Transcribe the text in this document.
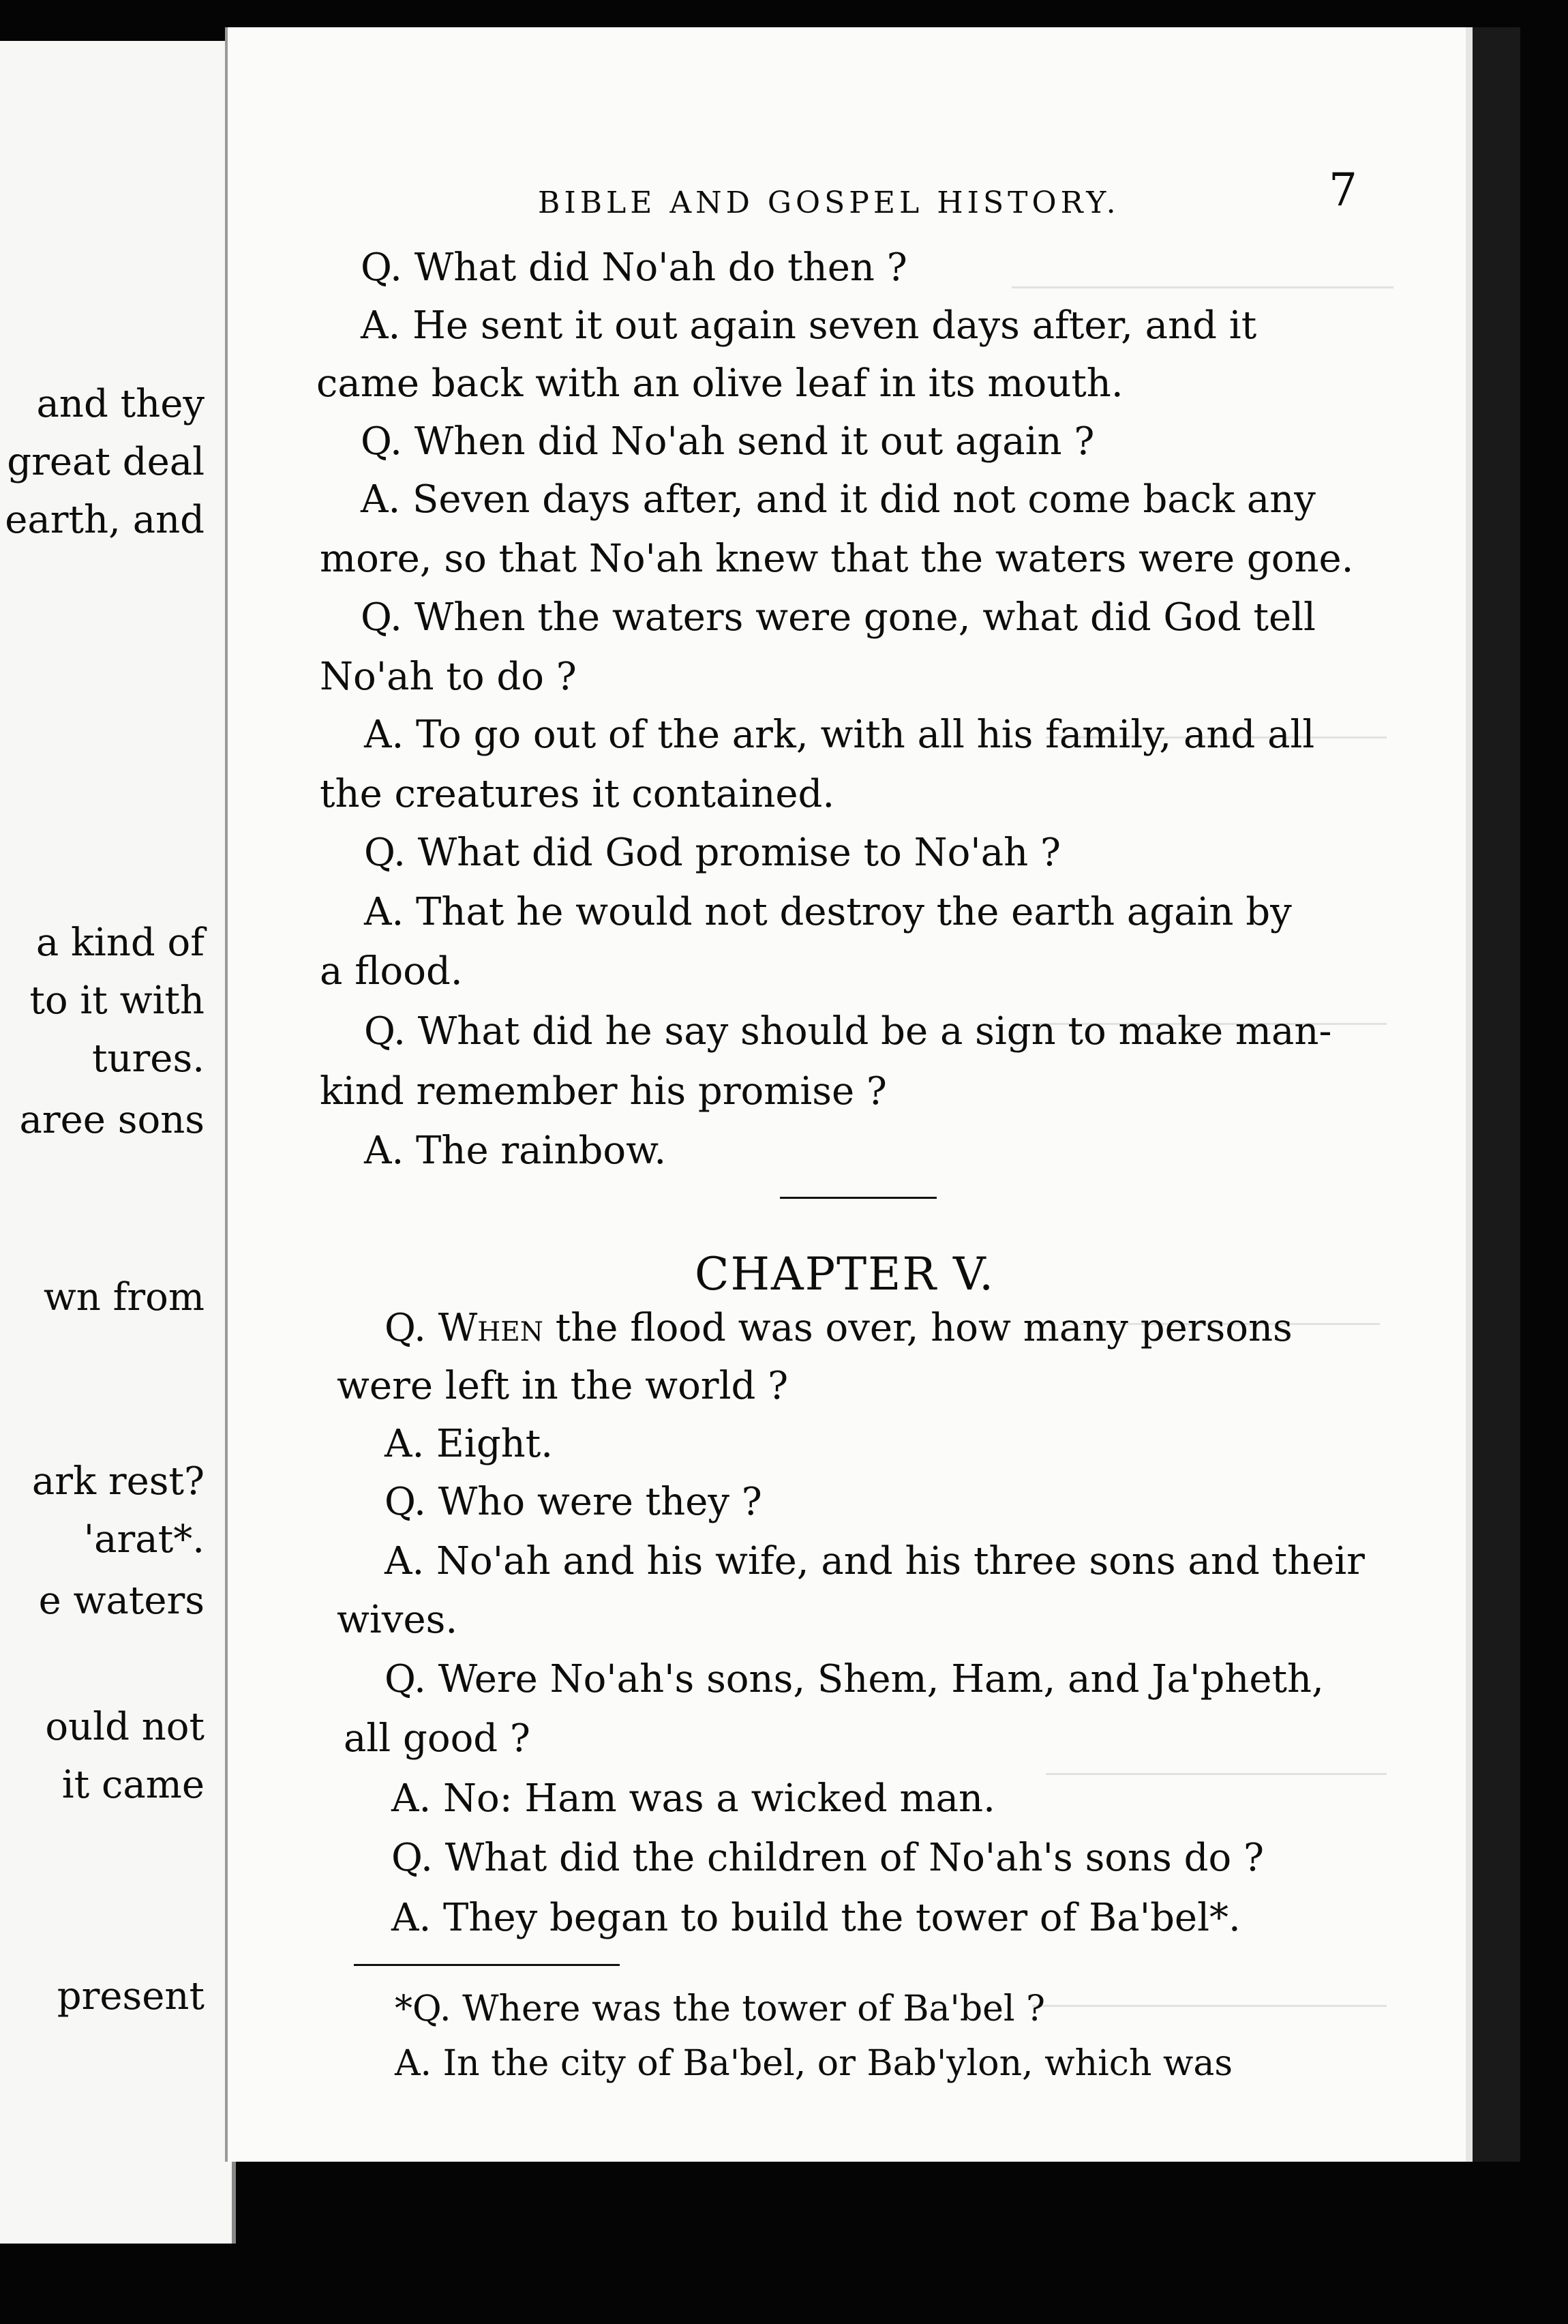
and they
great deal
earth, and
a kind of
to it with
tures.
aree sons
wn from
ark rest?
'arat*.
e waters
ould not
it came
present
BIBLE AND GOSPEL HISTORY.	7
Q. What did No'ah do then ?
A. He sent it out again seven days after, and it
came back with an olive leaf in its mouth.
Q. When did No'ah send it out again ?
A. Seven days after, and it did not come back any
more, so that No'ah knew that the waters were gone.
Q. When the waters were gone, what did God tell
No'ah to do ?
A. To go out of the ark, with all his family, and all
the creatures it contained.
Q. What did God promise to No'ah ?
A. That he would not destroy the earth again by
a flood.
Q. What did he say should be a sign to make man-
kind remember his promise ?
A. The rainbow.
CHAPTER V.
Q. When the flood was over, how many persons
were left in the world ?
A. Eight.
Q. Who were they ?
A. No'ah and his wife, and his three sons and their
wives.
Q. Were No'ah's sons, Shem, Ham, and Ja'pheth,
all good ?
A. No: Ham was a wicked man.
Q. What did the children of No'ah's sons do ?
A. They began to build the tower of Ba'bel*.
*Q. Where was the tower of Ba'bel ?
A. In the city of Ba'bel, or Bab'ylon, which was
